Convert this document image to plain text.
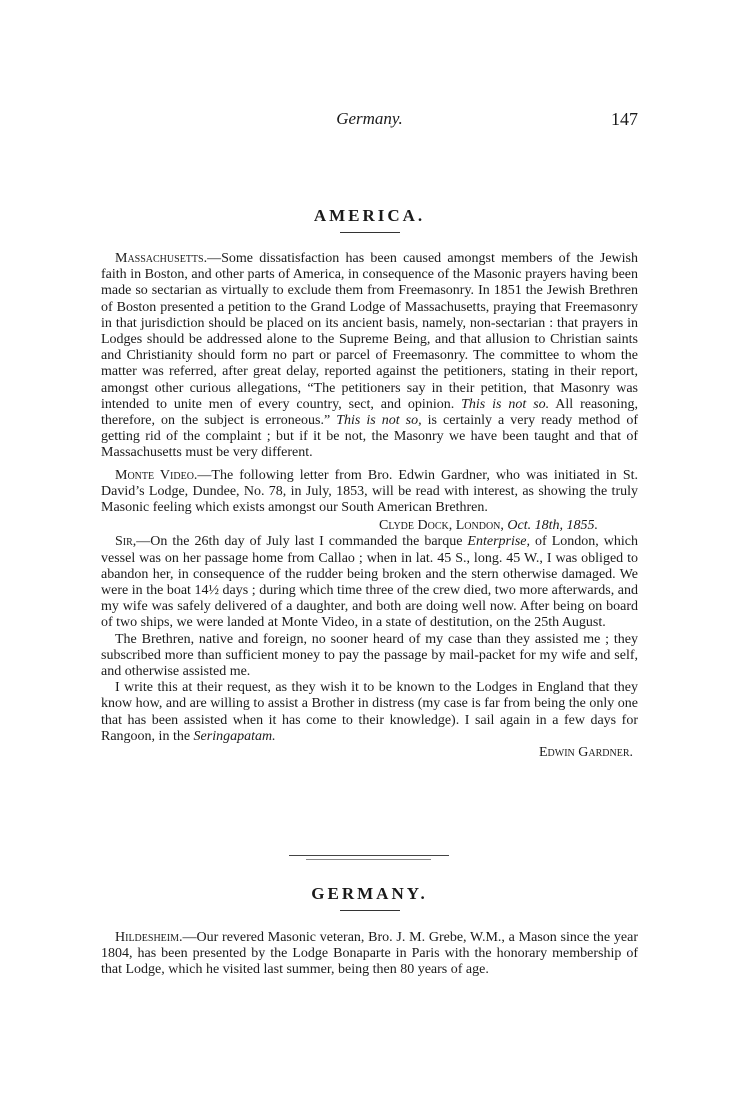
Germany.	147
AMERICA.

Massachusetts.—Some dissatisfaction has been caused amongst members of the Jewish faith in Boston, and other parts of America, in consequence of the Masonic prayers having been made so sectarian as virtually to exclude them from Freemasonry. In 1851 the Jewish Brethren of Boston presented a petition to the Grand Lodge of Massachusetts, praying that Freemasonry in that jurisdiction should be placed on its ancient basis, namely, non-sectarian : that prayers in Lodges should be addressed alone to the Supreme Being, and that allusion to Christian saints and Christianity should form no part or parcel of Freemasonry. The committee to whom the matter was referred, after great delay, reported against the petitioners, stating in their report, amongst other curious allegations, “The petitioners say in their petition, that Masonry was intended to unite men of every country, sect, and opinion. This is not so. All reasoning, therefore, on the subject is erroneous.” This is not so, is certainly a very ready method of getting rid of the complaint ; but if it be not, the Masonry we have been taught and that of Massachusetts must be very different.

Monte Video.—The following letter from Bro. Edwin Gardner, who was initiated in St. David’s Lodge, Dundee, No. 78, in July, 1853, will be read with interest, as showing the truly Masonic feeling which exists amongst our South American Brethren.

Clyde Dock, London, Oct. 18th, 1855.

Sir,—On the 26th day of July last I commanded the barque Enterprise, of London, which vessel was on her passage home from Callao ; when in lat. 45 S., long. 45 W., I was obliged to abandon her, in consequence of the rudder being broken and the stern otherwise damaged. We were in the boat 14½ days ; during which time three of the crew died, two more afterwards, and my wife was safely delivered of a daughter, and both are doing well now. After being on board of two ships, we were landed at Monte Video, in a state of destitution, on the 25th August.

The Brethren, native and foreign, no sooner heard of my case than they assisted me ; they subscribed more than sufficient money to pay the passage by mail-packet for my wife and self, and otherwise assisted me.

I write this at their request, as they wish it to be known to the Lodges in England that they know how, and are willing to assist a Brother in distress (my case is far from being the only one that has been assisted when it has come to their knowledge). I sail again in a few days for Rangoon, in the Seringapatam.

Edwin Gardner.

GERMANY.

Hildesheim.—Our revered Masonic veteran, Bro. J. M. Grebe, W.M., a Mason since the year 1804, has been presented by the Lodge Bonaparte in Paris with the honorary membership of that Lodge, which he visited last summer, being then 80 years of age.
